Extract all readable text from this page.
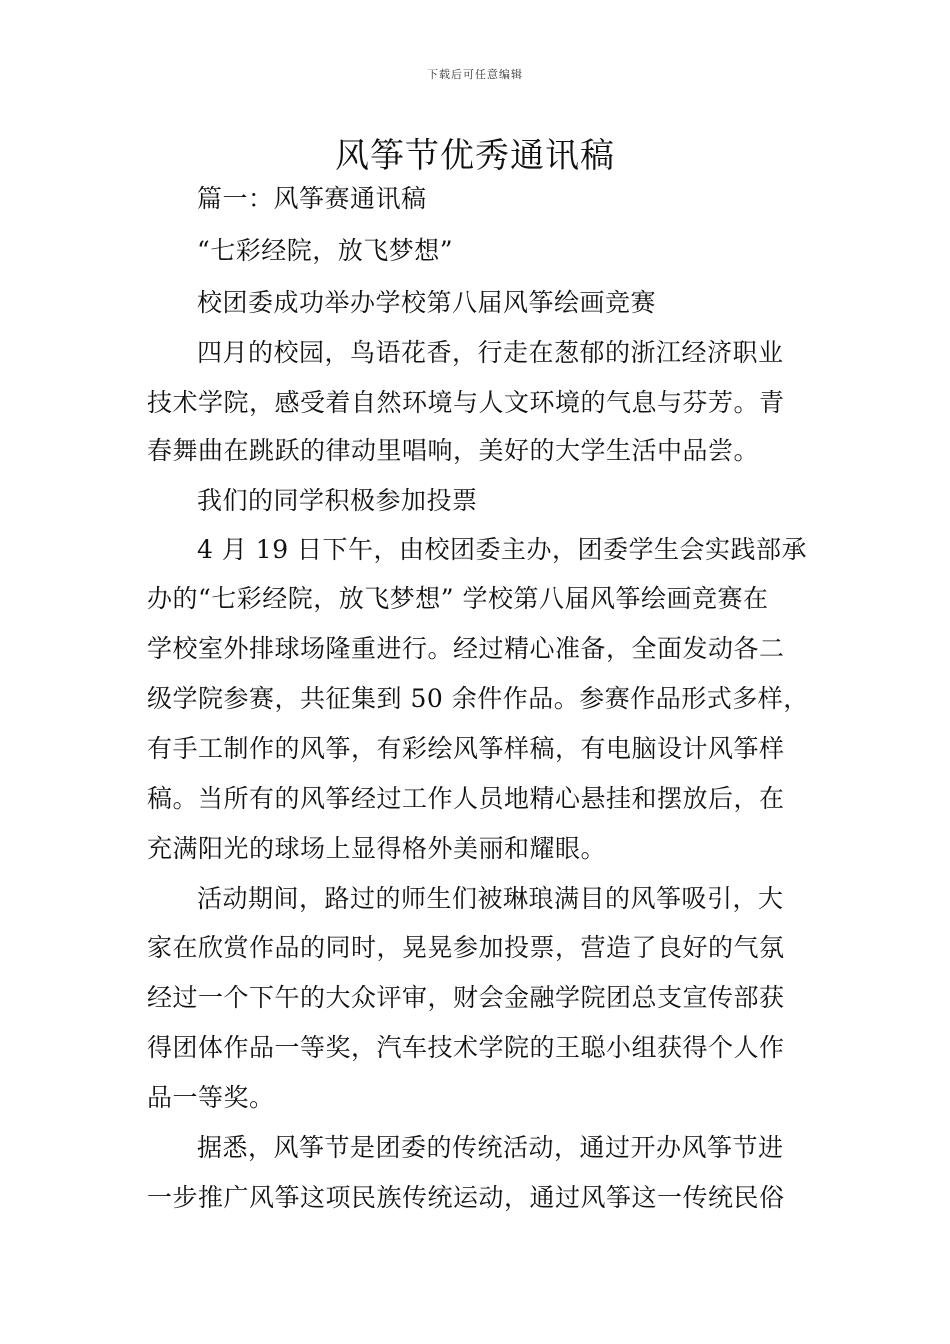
下载后可任意编辑
风筝节优秀通讯稿
篇一：风筝赛通讯稿
“七彩经院，放飞梦想”
校团委成功举办学校第八届风筝绘画竞赛
四月的校园，鸟语花香，行走在葱郁的浙江经济职业
技术学院，感受着自然环境与人文环境的气息与芬芳。青
春舞曲在跳跃的律动里唱响，美好的大学生活中品尝。
我们的同学积极参加投票
4 月 19 日下午，由校团委主办，团委学生会实践部承
办的“七彩经院，放飞梦想” 学校第八届风筝绘画竞赛在
学校室外排球场隆重进行。经过精心准备，全面发动各二
级学院参赛，共征集到 50 余件作品。参赛作品形式多样，
有手工制作的风筝，有彩绘风筝样稿，有电脑设计风筝样
稿。当所有的风筝经过工作人员地精心悬挂和摆放后，在
充满阳光的球场上显得格外美丽和耀眼。
活动期间，路过的师生们被琳琅满目的风筝吸引，大
家在欣赏作品的同时，晃晃参加投票，营造了良好的气氛
经过一个下午的大众评审，财会金融学院团总支宣传部获
得团体作品一等奖，汽车技术学院的王聪小组获得个人作
品一等奖。
据悉，风筝节是团委的传统活动，通过开办风筝节进
一步推广风筝这项民族传统运动，通过风筝这一传统民俗
